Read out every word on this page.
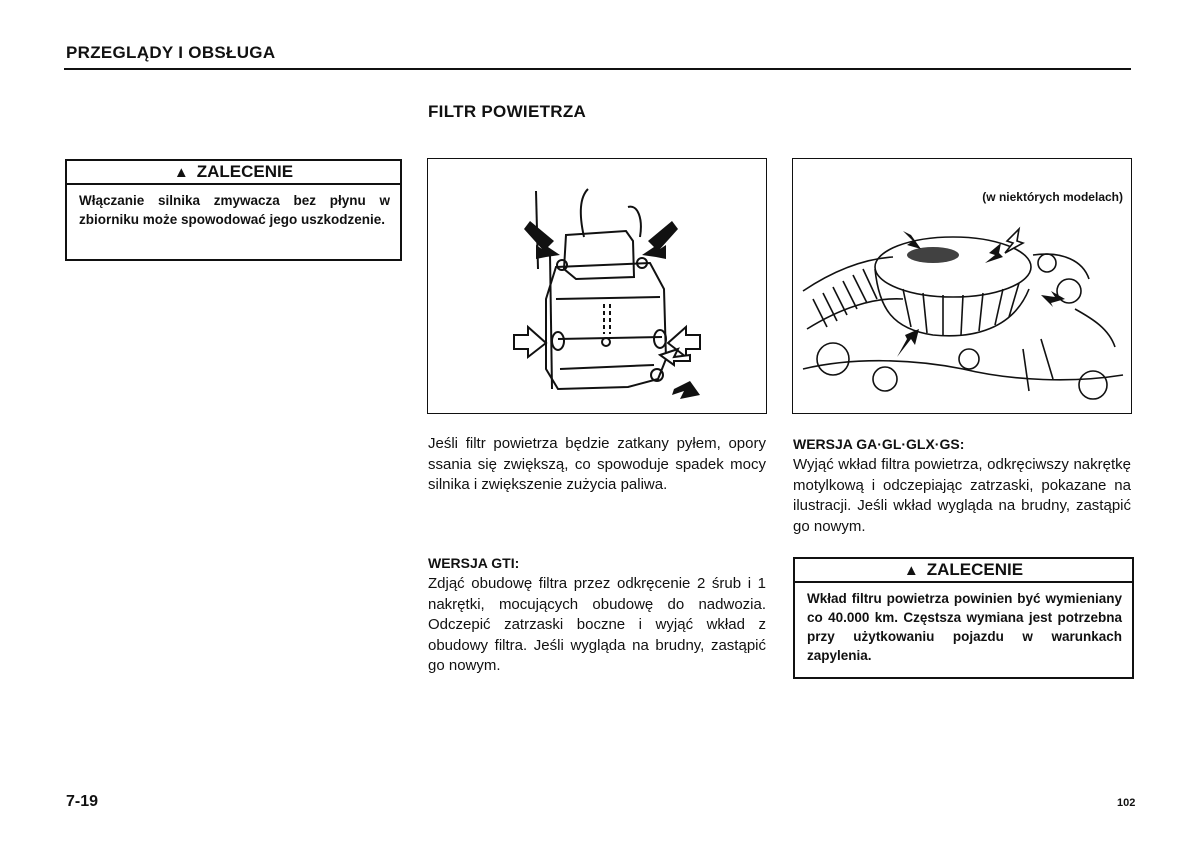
PRZEGLĄDY I OBSŁUGA
FILTR POWIETRZA
▲ ZALECENIE
Włączanie silnika zmywacza bez płynu w zbiorniku może spowodować jego uszkodzenie.
(w niektórych modelach)
Jeśli filtr powietrza będzie zatkany pyłem, opory ssania się zwiększą, co spowoduje spadek mocy silnika i zwiększenie zużycia paliwa.
WERSJA GTI:
Zdjąć obudowę filtra przez odkręcenie 2 śrub i 1 nakrętki, mocujących obudowę do nadwozia. Odczepić zatrzaski boczne i wyjąć wkład z obudowy filtra. Jeśli wygląda na brudny, zastąpić go nowym.
WERSJA GA·GL·GLX·GS:
Wyjąć wkład filtra powietrza, odkręciwszy nakrętkę motylkową i odczepiając zatrzaski, pokazane na ilustracji. Jeśli wkład wygląda na brudny, zastąpić go nowym.
▲ ZALECENIE
Wkład filtru powietrza powinien być wymieniany co 40.000 km. Częstsza wymiana jest potrzebna przy użytkowaniu pojazdu w warunkach zapylenia.
7-19	102
